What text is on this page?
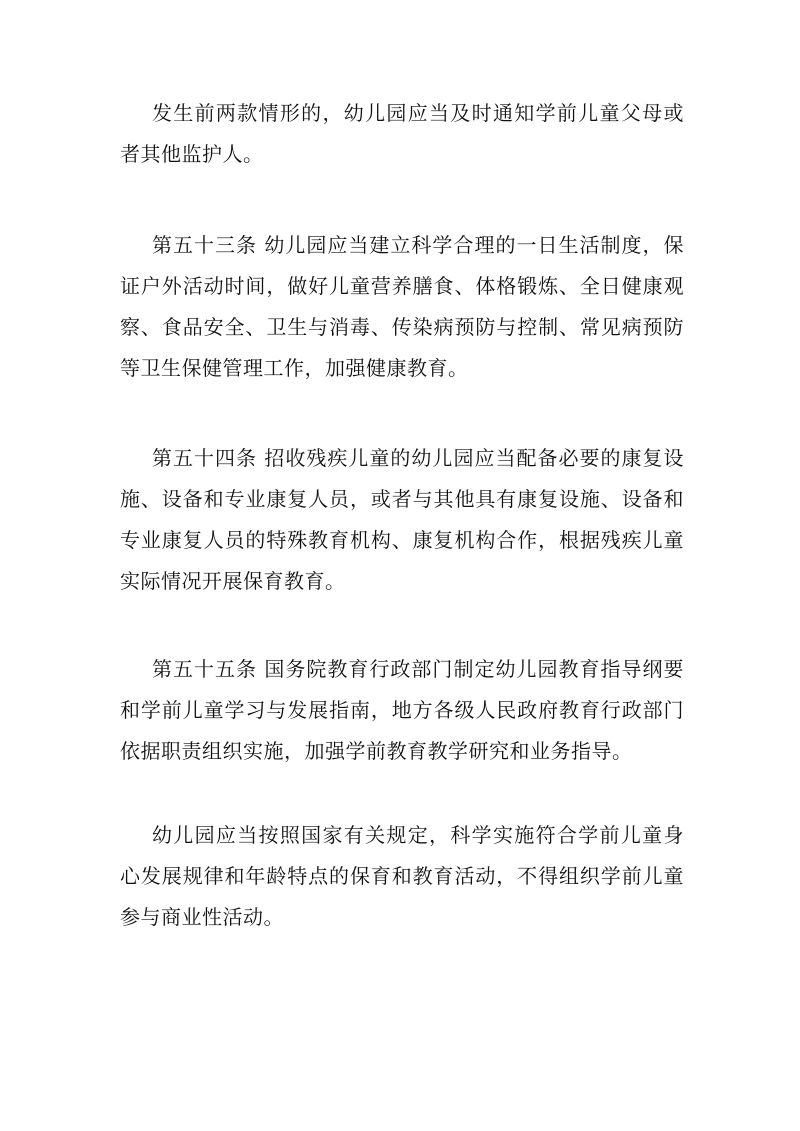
发生前两款情形的，幼儿园应当及时通知学前儿童父母或者其他监护人。

第五十三条 幼儿园应当建立科学合理的一日生活制度，保证户外活动时间，做好儿童营养膳食、体格锻炼、全日健康观察、食品安全、卫生与消毒、传染病预防与控制、常见病预防等卫生保健管理工作，加强健康教育。

第五十四条 招收残疾儿童的幼儿园应当配备必要的康复设施、设备和专业康复人员，或者与其他具有康复设施、设备和专业康复人员的特殊教育机构、康复机构合作，根据残疾儿童实际情况开展保育教育。

第五十五条 国务院教育行政部门制定幼儿园教育指导纲要和学前儿童学习与发展指南，地方各级人民政府教育行政部门依据职责组织实施，加强学前教育教学研究和业务指导。

幼儿园应当按照国家有关规定，科学实施符合学前儿童身心发展规律和年龄特点的保育和教育活动，不得组织学前儿童参与商业性活动。
